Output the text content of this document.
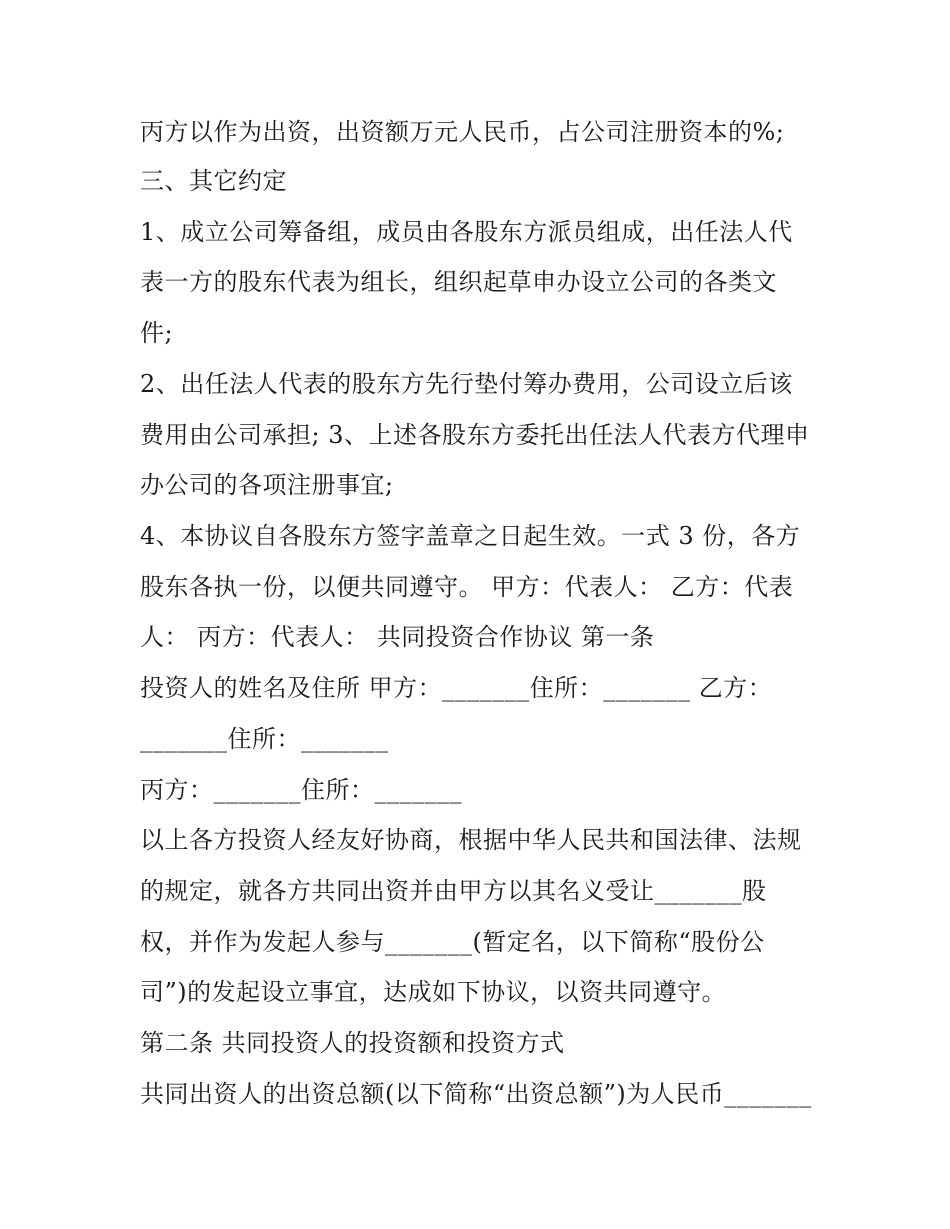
丙方以作为出资，出资额万元人民币，占公司注册资本的%;
三、其它约定
1、成立公司筹备组，成员由各股东方派员组成，出任法人代
表一方的股东代表为组长，组织起草申办设立公司的各类文
件;
2、出任法人代表的股东方先行垫付筹办费用，公司设立后该
费用由公司承担; 3、上述各股东方委托出任法人代表方代理申
办公司的各项注册事宜;
4、本协议自各股东方签字盖章之日起生效。一式 3 份，各方
股东各执一份，以便共同遵守。 甲方：代表人： 乙方：代表
人： 丙方：代表人： 共同投资合作协议 第一条
投资人的姓名及住所 甲方：_______住所：_______ 乙方：
_______住所：_______
丙方：_______住所：_______
以上各方投资人经友好协商，根据中华人民共和国法律、法规
的规定，就各方共同出资并由甲方以其名义受让_______股
权，并作为发起人参与_______(暂定名，以下简称“股份公
司”)的发起设立事宜，达成如下协议，以资共同遵守。
第二条 共同投资人的投资额和投资方式
共同出资人的出资总额(以下简称“出资总额”)为人民币_______
